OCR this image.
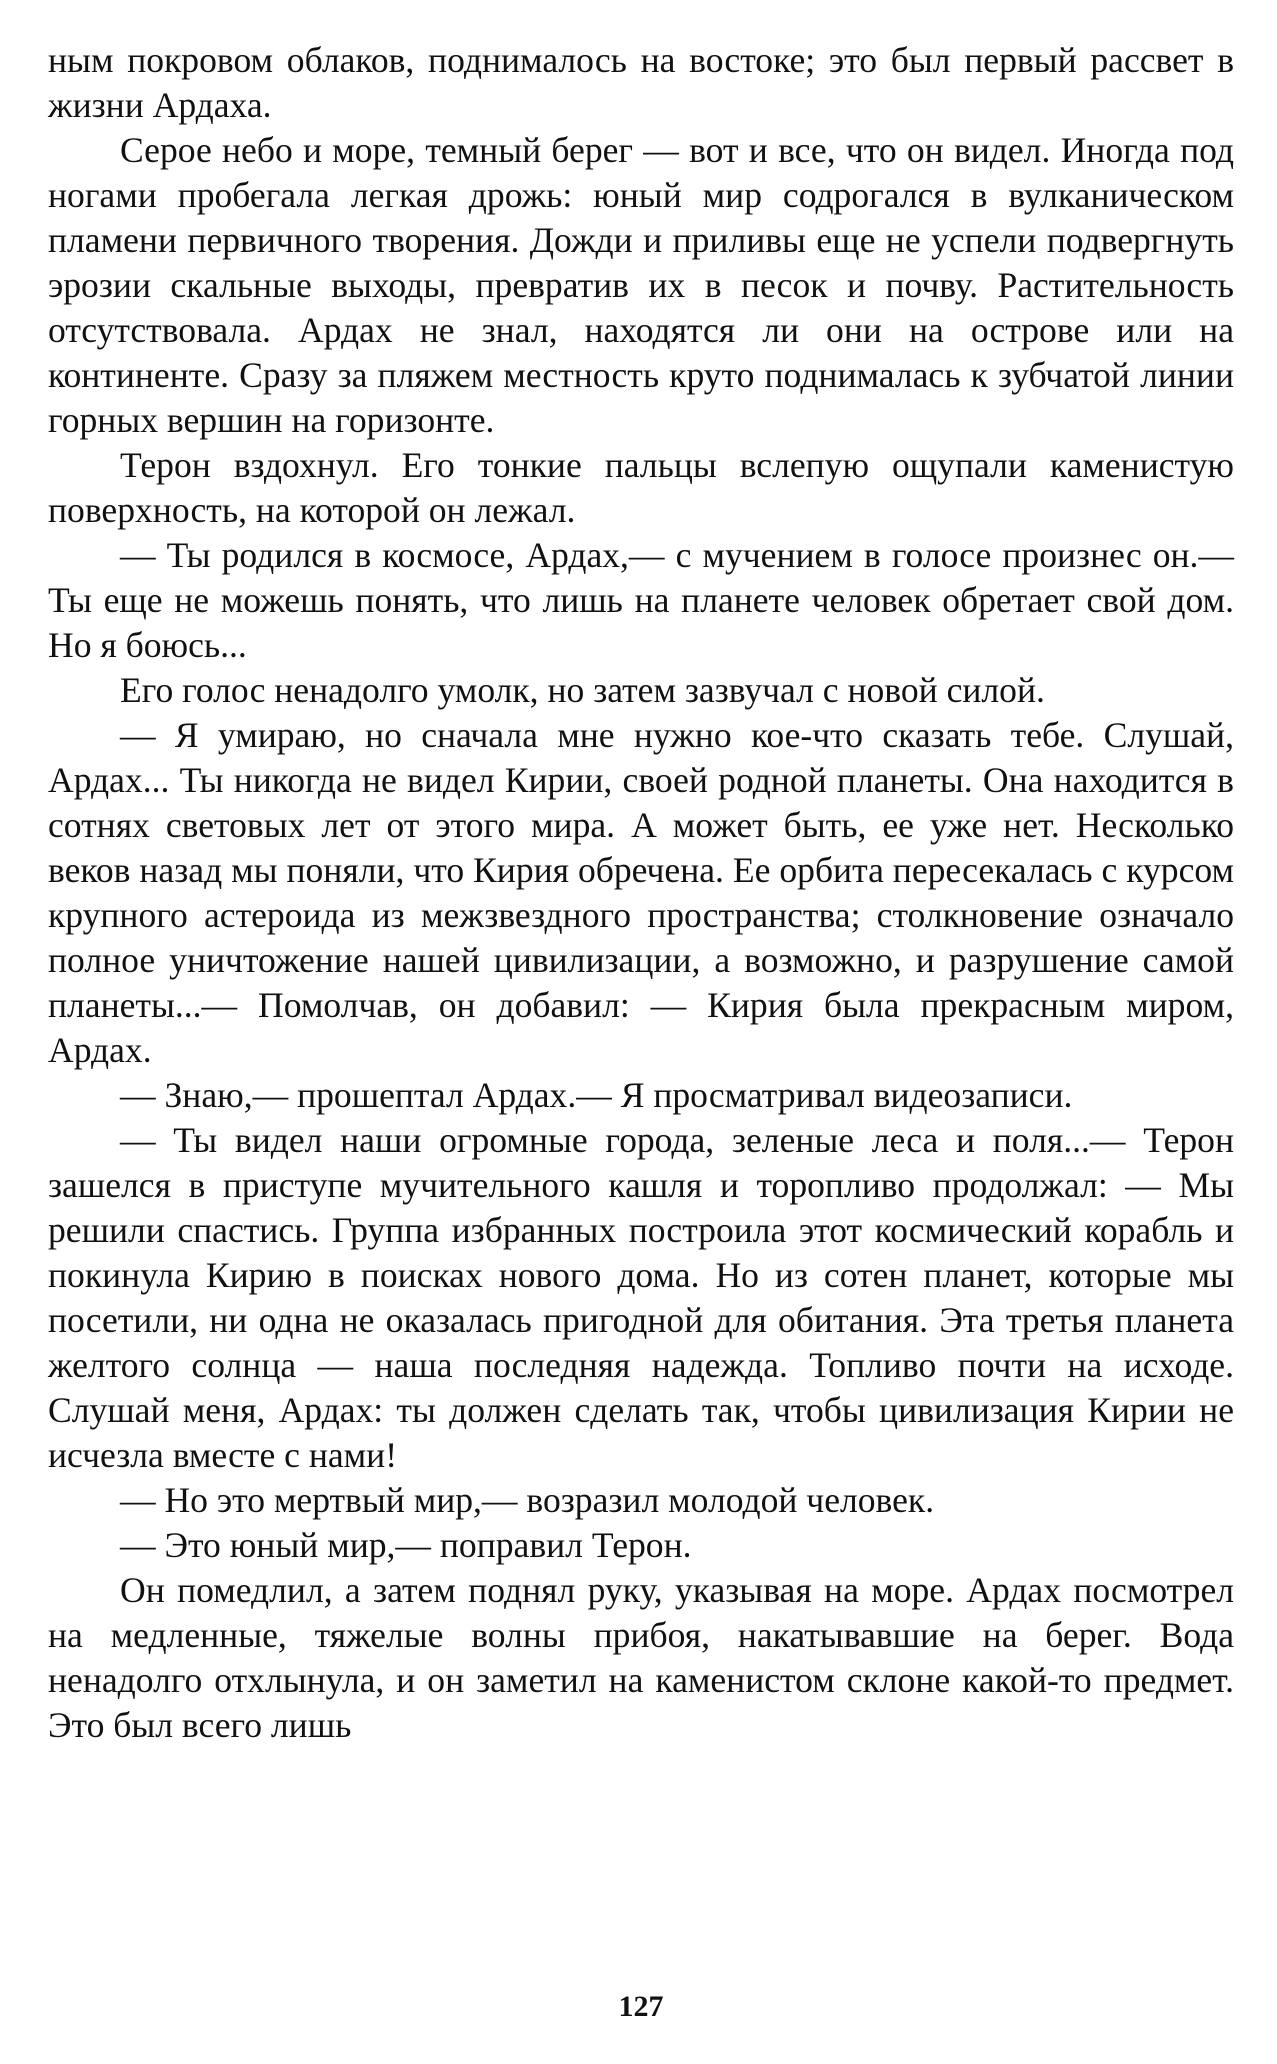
ным покровом облаков, поднималось на востоке; это был первый рассвет в жизни Ардаха.

Серое небо и море, темный берег — вот и все, что он видел. Иногда под ногами пробегала легкая дрожь: юный мир содрогался в вулканическом пламени первичного творения. Дожди и приливы еще не успели подвергнуть эрозии скальные выходы, превратив их в песок и почву. Растительность отсутствовала. Ардах не знал, находятся ли они на острове или на континенте. Сразу за пляжем местность круто поднималась к зубчатой линии горных вершин на горизонте.

Терон вздохнул. Его тонкие пальцы вслепую ощупали каменистую поверхность, на которой он лежал.

— Ты родился в космосе, Ардах,— с мучением в голосе произнес он.— Ты еще не можешь понять, что лишь на планете человек обретает свой дом. Но я боюсь...

Его голос ненадолго умолк, но затем зазвучал с новой силой.

— Я умираю, но сначала мне нужно кое-что сказать тебе. Слушай, Ардах... Ты никогда не видел Кирии, своей родной планеты. Она находится в сотнях световых лет от этого мира. А может быть, ее уже нет. Несколько веков назад мы поняли, что Кирия обречена. Ее орбита пересекалась с курсом крупного астероида из межзвездного пространства; столкновение означало полное уничтожение нашей цивилизации, а возможно, и разрушение самой планеты...— Помолчав, он добавил: — Кирия была прекрасным миром, Ардах.

— Знаю,— прошептал Ардах.— Я просматривал видеозаписи.

— Ты видел наши огромные города, зеленые леса и поля...— Терон зашелся в приступе мучительного кашля и торопливо продолжал: — Мы решили спастись. Группа избранных построила этот космический корабль и покинула Кирию в поисках нового дома. Но из сотен планет, которые мы посетили, ни одна не оказалась пригодной для обитания. Эта третья планета желтого солнца — наша последняя надежда. Топливо почти на исходе. Слушай меня, Ардах: ты должен сделать так, чтобы цивилизация Кирии не исчезла вместе с нами!

— Но это мертвый мир,— возразил молодой человек.

— Это юный мир,— поправил Терон.

Он помедлил, а затем поднял руку, указывая на море. Ардах посмотрел на медленные, тяжелые волны прибоя, накатывавшие на берег. Вода ненадолго отхлынула, и он заметил на каменистом склоне какой-то предмет. Это был всего лишь

127
